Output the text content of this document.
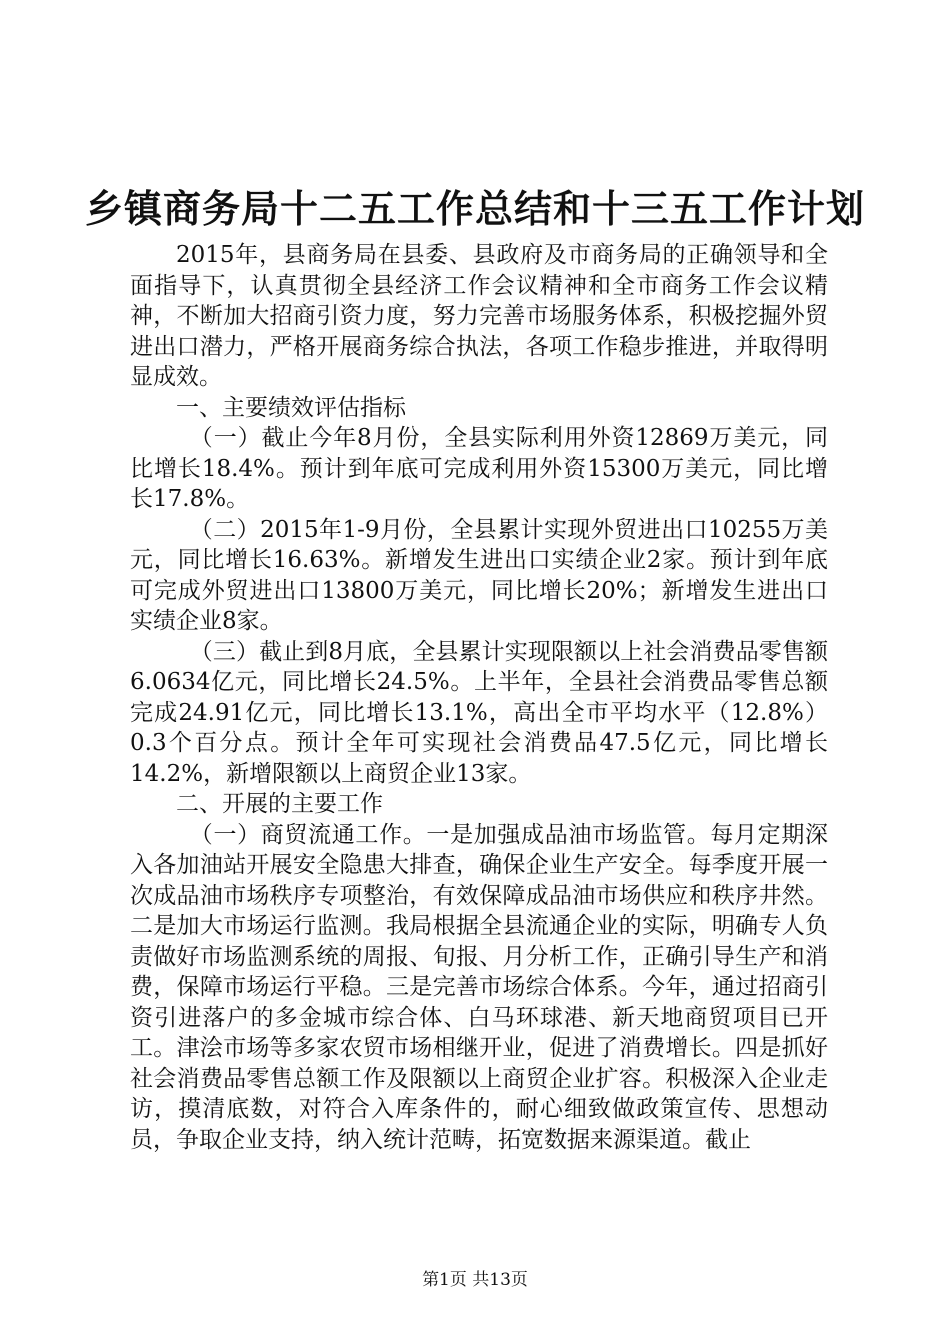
乡镇商务局十二五工作总结和十三五工作计划

2015年，县商务局在县委、县政府及市商务局的正确领导和全面指导下，认真贯彻全县经济工作会议精神和全市商务工作会议精神，不断加大招商引资力度，努力完善市场服务体系，积极挖掘外贸进出口潜力，严格开展商务综合执法，各项工作稳步推进，并取得明显成效。

一、主要绩效评估指标

（一）截止今年8月份，全县实际利用外资12869万美元，同比增长18.4%。预计到年底可完成利用外资15300万美元，同比增长17.8%。

（二）2015年1-9月份，全县累计实现外贸进出口10255万美元，同比增长16.63%。新增发生进出口实绩企业2家。预计到年底可完成外贸进出口13800万美元，同比增长20%；新增发生进出口实绩企业8家。

（三）截止到8月底，全县累计实现限额以上社会消费品零售额6.0634亿元，同比增长24.5%。上半年，全县社会消费品零售总额完成24.91亿元，同比增长13.1%，高出全市平均水平（12.8%）0.3个百分点。预计全年可实现社会消费品47.5亿元，同比增长14.2%，新增限额以上商贸企业13家。

二、开展的主要工作

（一）商贸流通工作。一是加强成品油市场监管。每月定期深入各加油站开展安全隐患大排查，确保企业生产安全。每季度开展一次成品油市场秩序专项整治，有效保障成品油市场供应和秩序井然。二是加大市场运行监测。我局根据全县流通企业的实际，明确专人负责做好市场监测系统的周报、旬报、月分析工作，正确引导生产和消费，保障市场运行平稳。三是完善市场综合体系。今年，通过招商引资引进落户的多金城市综合体、白马环球港、新天地商贸项目已开工。津浍市场等多家农贸市场相继开业，促进了消费增长。四是抓好社会消费品零售总额工作及限额以上商贸企业扩容。积极深入企业走访，摸清底数，对符合入库条件的，耐心细致做政策宣传、思想动员，争取企业支持，纳入统计范畴，拓宽数据来源渠道。截止

第1页 共13页
